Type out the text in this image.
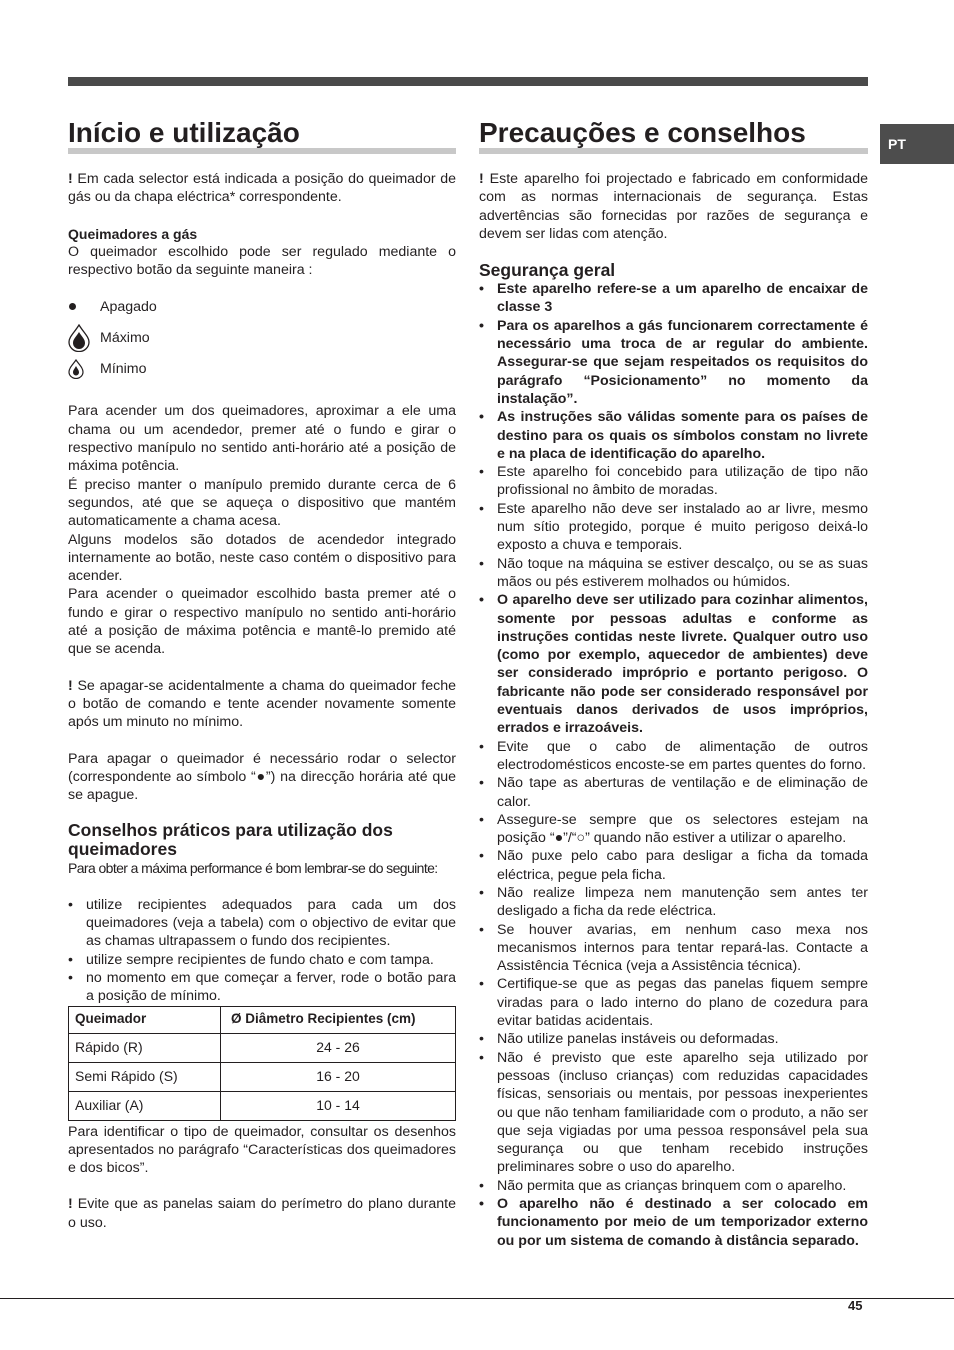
PT
Início e utilização

! Em cada selector está indicada a posição do queimador de gás ou da chapa eléctrica* correspondente.

Queimadores a gás

O queimador escolhido pode ser regulado mediante o respectivo botão da seguinte maneira :

Apagado
Máximo
Mínimo

Para acender um dos queimadores, aproximar a ele uma chama ou um acendedor, premer até o fundo e girar o respectivo manípulo no sentido anti-horário até a posição de máxima potência.

É preciso manter o manípulo premido durante cerca de 6 segundos, até que se aqueça o dispositivo que mantém automaticamente a chama acesa.

Alguns modelos são dotados de acendedor integrado internamente ao botão, neste caso contém o dispositivo para acender.

Para acender o queimador escolhido basta premer até o fundo e girar o respectivo manípulo no sentido anti-horário até a posição de máxima potência e mantê-lo premido até que se acenda.

! Se apagar-se acidentalmente a chama do queimador feche o botão de comando e tente acender novamente somente após um minuto no mínimo.

Para apagar o queimador é necessário rodar o selector (correspondente ao símbolo “●”) na direcção horária até que se apague.

Conselhos práticos para utilização dos queimadores
Para obter a máxima performance é bom lembrar-se do seguinte:
• utilize recipientes adequados para cada um dos queimadores (veja a tabela) com o objectivo de evitar que as chamas ultrapassem o fundo dos recipientes.
• utilize sempre recipientes de fundo chato e com tampa.
• no momento em que começar a ferver, rode o botão para a posição de mínimo.
Queimador	Ø Diâmetro Recipientes (cm)
Rápido (R)	24 - 26
Semi Rápido (S)	16 - 20
Auxiliar (A)	10 - 14

Para identificar o tipo de queimador, consultar os desenhos apresentados no parágrafo “Características dos queimadores e dos bicos”.

! Evite que as panelas saiam do perímetro do plano durante o uso.

Precauções e conselhos

! Este aparelho foi projectado e fabricado em conformidade com as normas internacionais de segurança. Estas advertências são fornecidas por razões de segurança e devem ser lidas com atenção.

Segurança geral
• Este aparelho refere-se a um aparelho de encaixar de classe 3
• Para os aparelhos a gás funcionarem correctamente é necessário uma troca de ar regular do ambiente. Assegurar-se que sejam respeitados os requisitos do parágrafo “Posicionamento” no momento da instalação”.
• As instruções são válidas somente para os países de destino para os quais os símbolos constam no livrete e na placa de identificação do aparelho.
• Este aparelho foi concebido para utilização de tipo não profissional no âmbito de moradas.
• Este aparelho não deve ser instalado ao ar livre, mesmo num sítio protegido, porque é muito perigoso deixá-lo exposto a chuva e temporais.
• Não toque na máquina se estiver descalço, ou se as suas mãos ou pés estiverem molhados ou húmidos.
• O aparelho deve ser utilizado para cozinhar alimentos, somente por pessoas adultas e conforme as instruções contidas neste livrete. Qualquer outro uso (como por exemplo, aquecedor de ambientes) deve ser considerado impróprio e portanto perigoso. O fabricante não pode ser considerado responsável por eventuais danos derivados de usos impróprios, errados e irrazoáveis.
• Evite que o cabo de alimentação de outros electrodomésticos encoste-se em partes quentes do forno.
• Não tape as aberturas de ventilação e de eliminação de calor.
• Assegure-se sempre que os selectores estejam na posição “●”/“○” quando não estiver a utilizar o aparelho.
• Não puxe pelo cabo para desligar a ficha da tomada eléctrica, pegue pela ficha.
• Não realize limpeza nem manutenção sem antes ter desligado a ficha da rede eléctrica.
• Se houver avarias, em nenhum caso mexa nos mecanismos internos para tentar repará-las. Contacte a Assistência Técnica (veja a Assistência técnica).
• Certifique-se que as pegas das panelas fiquem sempre viradas para o lado interno do plano de cozedura para evitar batidas acidentais.
• Não utilize panelas instáveis ou deformadas.
• Não é previsto que este aparelho seja utilizado por pessoas (incluso crianças) com reduzidas capacidades físicas, sensoriais ou mentais, por pessoas inexperientes ou que não tenham familiaridade com o produto, a não ser que seja vigiadas por uma pessoa responsável pela sua segurança ou que tenham recebido instruções preliminares sobre o uso do aparelho.
• Não permita que as crianças brinquem com o aparelho.
• O aparelho não é destinado a ser colocado em funcionamento por meio de um temporizador externo ou por um sistema de comando à distância separado.
45
